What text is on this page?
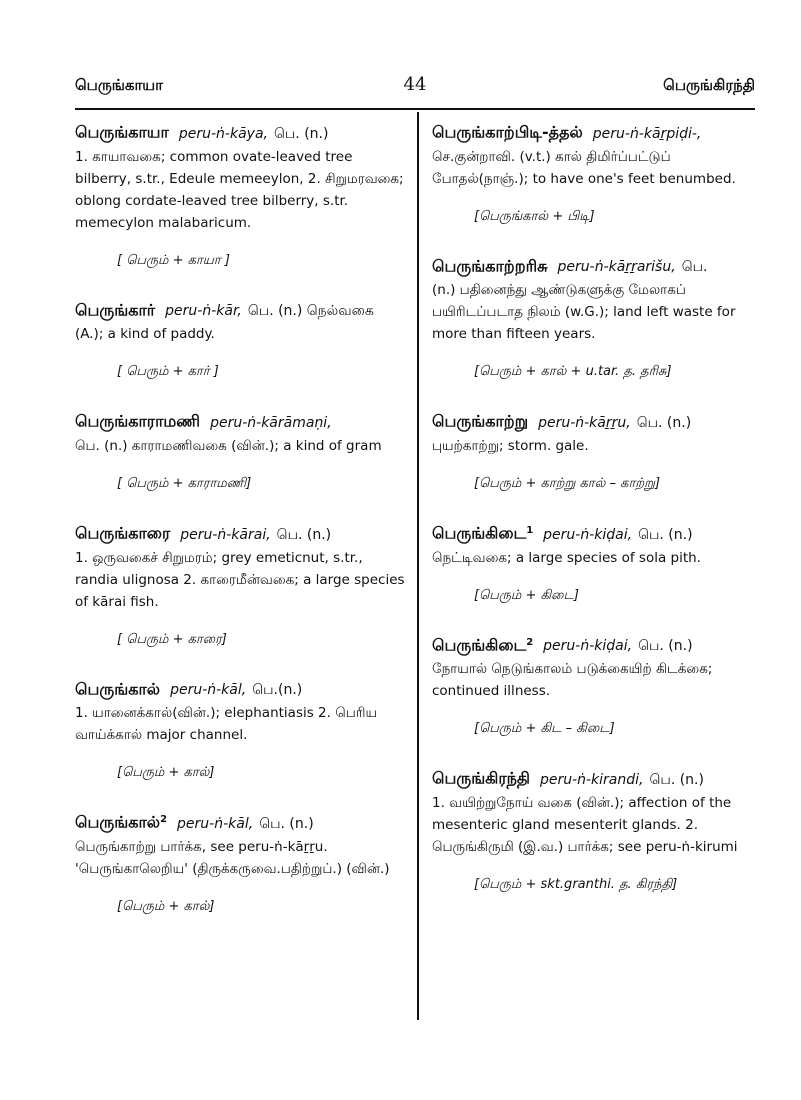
பெருங்காயா	44	பெருங்கிரந்தி
பெருங்காயா peru-ṅ-kāya, பெ. (n.)
1. காயாவகை; common ovate-leaved tree bilberry, s.tr., Edeule memeeylon, 2. சிறுமரவகை; oblong cordate-leaved tree bilberry, s.tr. memecylon malabaricum.
[ பெரும் + காயா ]
பெருங்கார் peru-ṅ-kār, பெ. (n.) நெல்வகை
(A.); a kind of paddy.
[ பெரும் + கார் ]
பெருங்காராமணி peru-ṅ-kārāmaṇi,
பெ. (n.) காராமணிவகை (வின்.); a kind of gram
[ பெரும் + காராமணி]
பெருங்காரை peru-ṅ-kārai, பெ. (n.)
1. ஒருவகைச் சிறுமரம்; grey emeticnut, s.tr., randia ulignosa 2. காரைமீன்வகை; a large species of kārai fish.
[ பெரும் + காரை]
பெருங்கால் peru-ṅ-kāl, பெ.(n.)
1. யானைக்கால்(வின்.); elephantiasis 2. பெரிய வாய்க்கால் major channel.
[பெரும் + கால்]
பெருங்கால்$^2$ peru-ṅ-kāl, பெ. (n.)
பெருங்காற்று பார்க்க, see peru-ṅ-kāṟṟu. 'பெருங்காலெறிய' (திருக்கருவை.பதிற்றுப்.) (வின்.)
[பெரும் + கால்]
பெருங்காற்பிடி-த்தல் peru-ṅ-kāṟpiḍi-,
செ.குன்றாவி. (v.t.) கால் திமிர்ப்பட்டுப் போதல்(நாஞ்.); to have one's feet benumbed.
[பெருங்கால் + பிடி]
பெருங்காற்றரிசு peru-ṅ-kāṟṟarišu, பெ.
(n.) பதினைந்து ஆண்டுகளுக்கு மேலாகப் பயிரிடப்படாத நிலம் (w.G.); land left waste for more than fifteen years.
[பெரும் + கால் + u.tar. த. தரிசு]
பெருங்காற்று peru-ṅ-kāṟṟu, பெ. (n.)
புயற்காற்று; storm. gale.
[பெரும் + காற்று கால் – காற்று]
பெருங்கிடை$^1$ peru-ṅ-kiḍai, பெ. (n.)
நெட்டிவகை; a large species of sola pith.
[பெரும் + கிடை]
பெருங்கிடை$^2$ peru-ṅ-kiḍai, பெ. (n.)
நோயால் நெடுங்காலம் படுக்கையிற் கிடக்கை; continued illness.
[பெரும் + கிட – கிடை]
பெருங்கிரந்தி peru-ṅ-kirandi, பெ. (n.)
1. வயிற்றுநோய் வகை (வின்.); affection of the mesenteric gland mesenterit glands. 2. பெருங்கிருமி (இ.வ.) பார்க்க; see peru-ṅ-kirumi
[பெரும் + skt.granthi. த. கிரந்தி]
